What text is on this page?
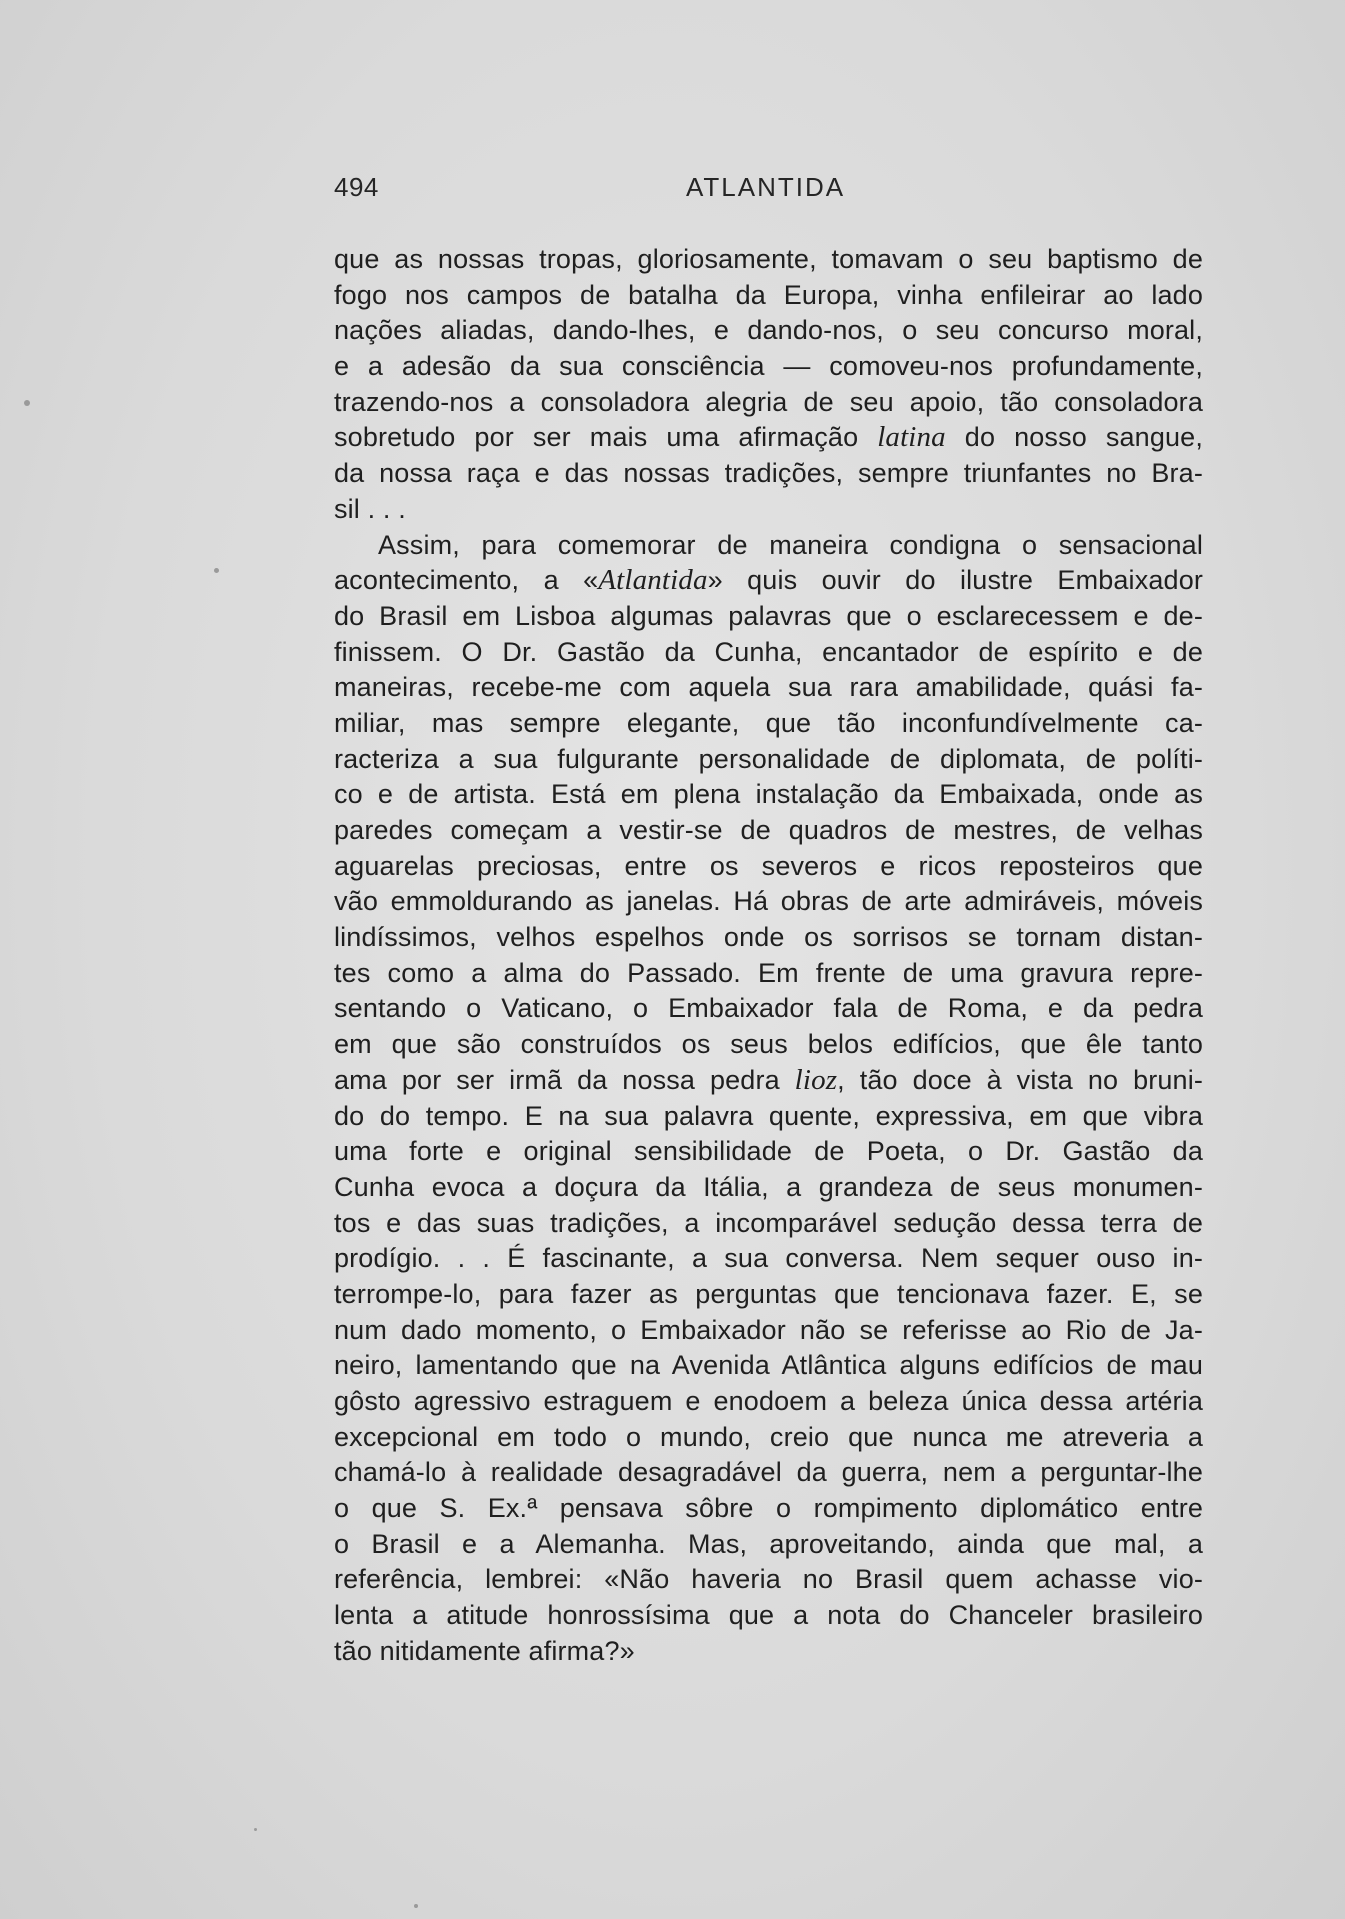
494	ATLANTIDA
que as nossas tropas, gloriosamente, tomavam o seu baptismo de
fogo nos campos de batalha da Europa, vinha enfileirar ao lado
nações aliadas, dando-lhes, e dando-nos, o seu concurso moral,
e a adesão da sua consciência — comoveu-nos profundamente,
trazendo-nos a consoladora alegria de seu apoio, tão consoladora
sobretudo por ser mais uma afirmação latina do nosso sangue,
da nossa raça e das nossas tradições, sempre triunfantes no Bra-
sil . . .
Assim, para comemorar de maneira condigna o sensacional
acontecimento, a «Atlantida» quis ouvir do ilustre Embaixador
do Brasil em Lisboa algumas palavras que o esclarecessem e de-
finissem. O Dr. Gastão da Cunha, encantador de espírito e de
maneiras, recebe-me com aquela sua rara amabilidade, quási fa-
miliar, mas sempre elegante, que tão inconfundívelmente ca-
racteriza a sua fulgurante personalidade de diplomata, de políti-
co e de artista. Está em plena instalação da Embaixada, onde as
paredes começam a vestir-se de quadros de mestres, de velhas
aguarelas preciosas, entre os severos e ricos reposteiros que
vão emmoldurando as janelas. Há obras de arte admiráveis, móveis
lindíssimos, velhos espelhos onde os sorrisos se tornam distan-
tes como a alma do Passado. Em frente de uma gravura repre-
sentando o Vaticano, o Embaixador fala de Roma, e da pedra
em que são construídos os seus belos edifícios, que êle tanto
ama por ser irmã da nossa pedra lioz, tão doce à vista no bruni-
do do tempo. E na sua palavra quente, expressiva, em que vibra
uma forte e original sensibilidade de Poeta, o Dr. Gastão da
Cunha evoca a doçura da Itália, a grandeza de seus monumen-
tos e das suas tradições, a incomparável sedução dessa terra de
prodígio. . . É fascinante, a sua conversa. Nem sequer ouso in-
terrompe-lo, para fazer as perguntas que tencionava fazer. E, se
num dado momento, o Embaixador não se referisse ao Rio de Ja-
neiro, lamentando que na Avenida Atlântica alguns edifícios de mau
gôsto agressivo estraguem e enodoem a beleza única dessa artéria
excepcional em todo o mundo, creio que nunca me atreveria a
chamá-lo à realidade desagradável da guerra, nem a perguntar-lhe
o que S. Ex.ª pensava sôbre o rompimento diplomático entre
o Brasil e a Alemanha. Mas, aproveitando, ainda que mal, a
referência, lembrei: «Não haveria no Brasil quem achasse vio-
lenta a atitude honrossísima que a nota do Chanceler brasileiro
tão nitidamente afirma?»
